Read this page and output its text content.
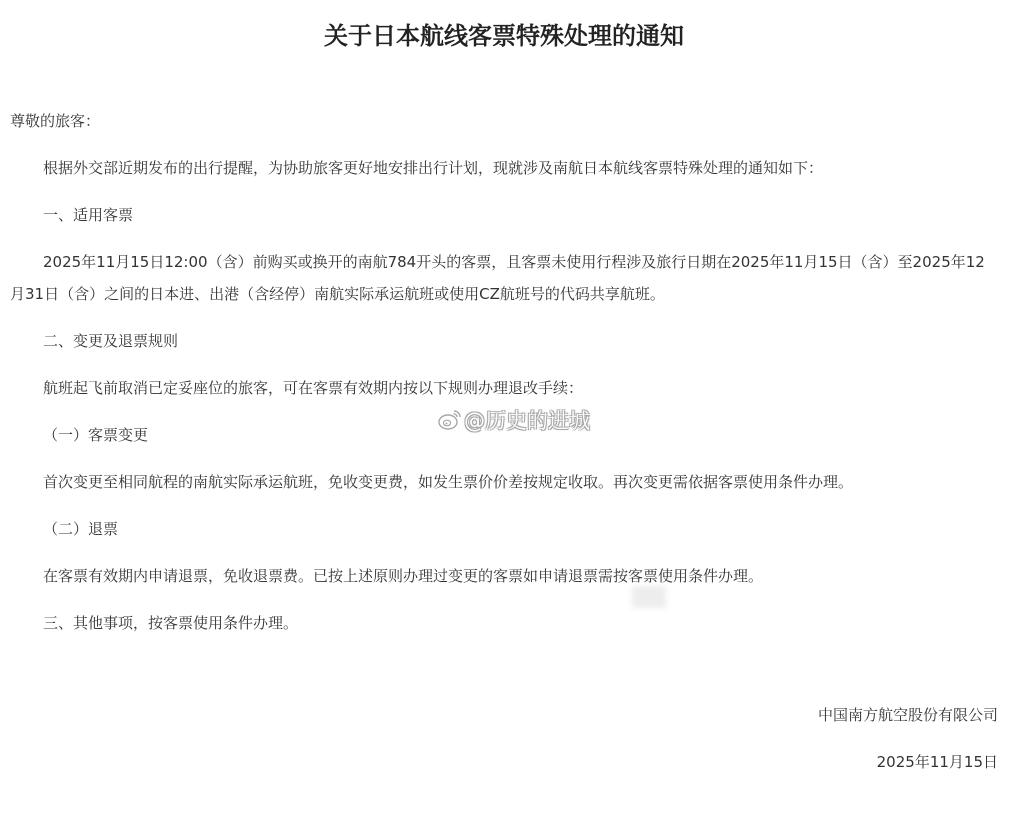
关于日本航线客票特殊处理的通知

尊敬的旅客：

根据外交部近期发布的出行提醒，为协助旅客更好地安排出行计划，现就涉及南航日本航线客票特殊处理的通知如下：

一、适用客票

2025年11月15日12:00（含）前购买或换开的南航784开头的客票，且客票未使用行程涉及旅行日期在2025年11月15日（含）至2025年12月31日（含）之间的日本进、出港（含经停）南航实际承运航班或使用CZ航班号的代码共享航班。

二、变更及退票规则

航班起飞前取消已定妥座位的旅客，可在客票有效期内按以下规则办理退改手续：

（一）客票变更

首次变更至相同航程的南航实际承运航班，免收变更费，如发生票价价差按规定收取。再次变更需依据客票使用条件办理。

（二）退票

在客票有效期内申请退票，免收退票费。已按上述原则办理过变更的客票如申请退票需按客票使用条件办理。

三、其他事项，按客票使用条件办理。

中国南方航空股份有限公司

2025年11月15日

@历史的进城
